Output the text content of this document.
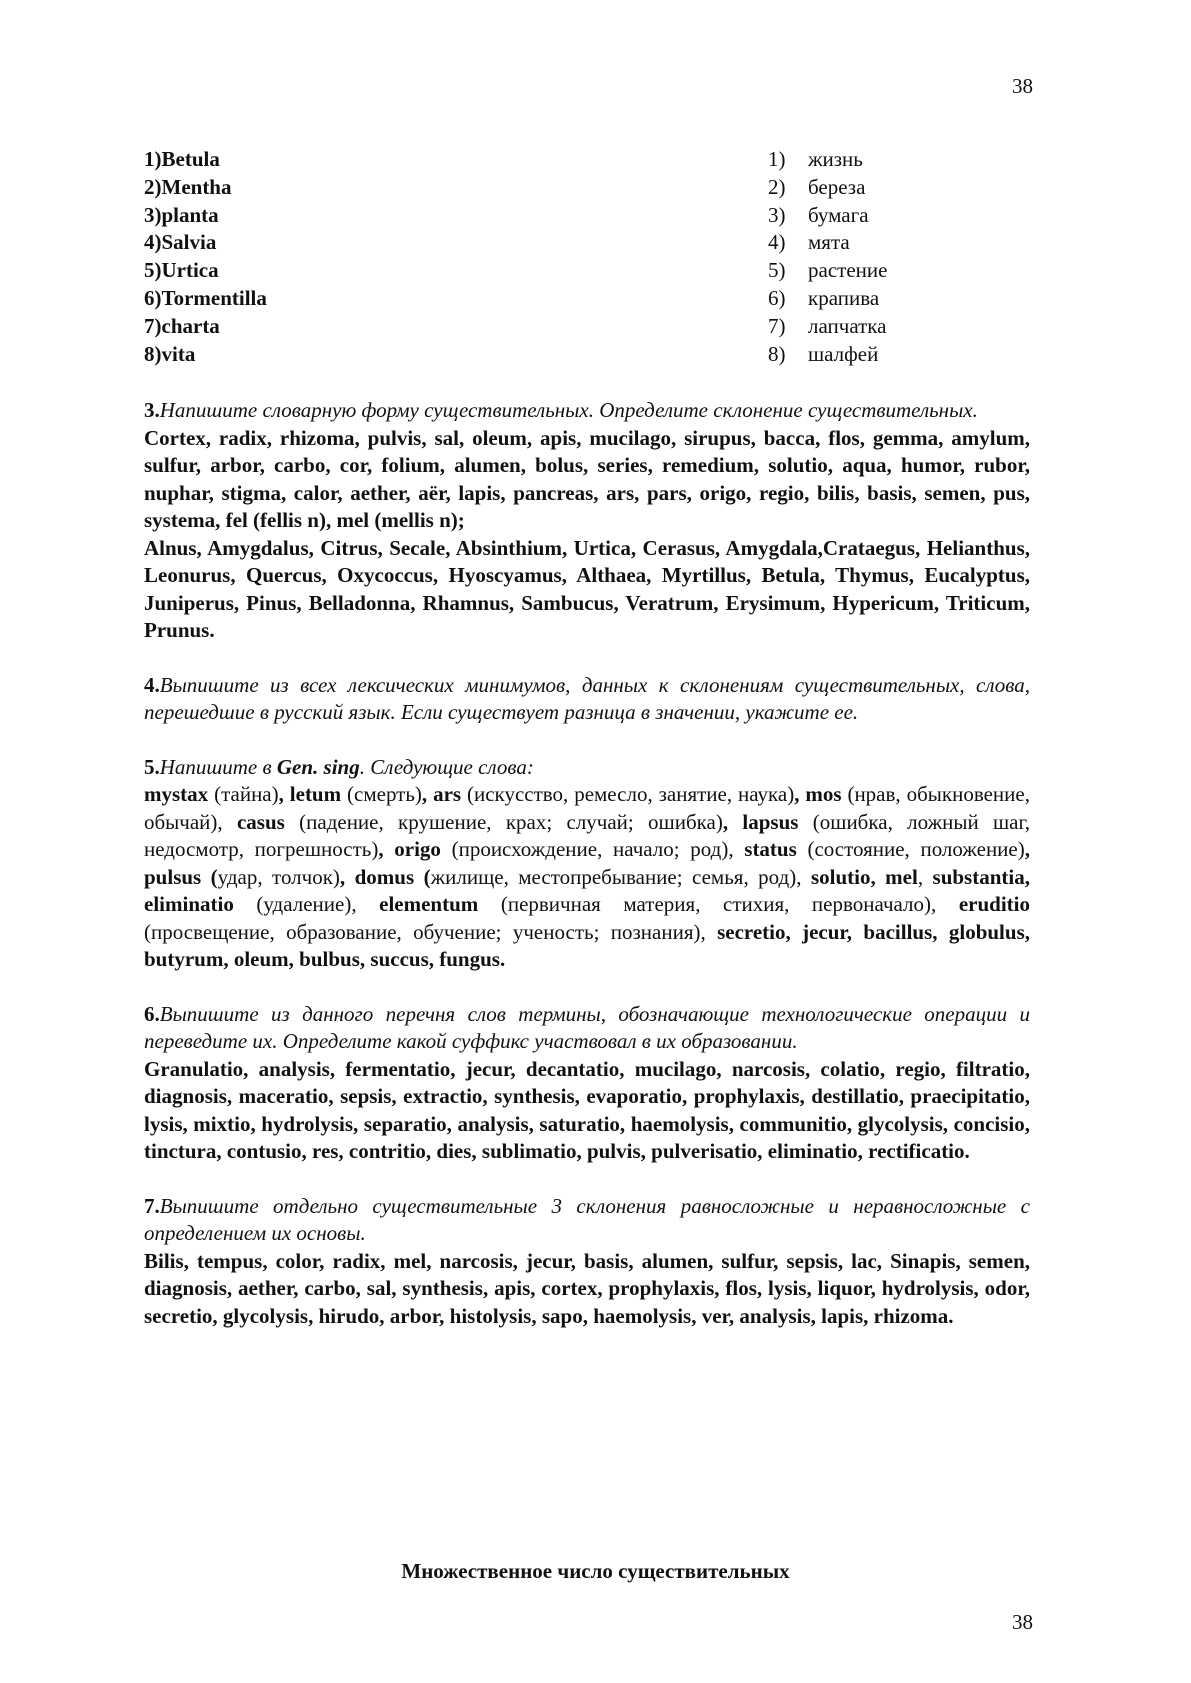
38
1)Betula
2)Mentha
3)planta
4)Salvia
5)Urtica
6)Tormentilla
7)charta
8)vita
1) жизнь
2) береза
3) бумага
4) мята
5) растение
6) крапива
7) лапчатка
8) шалфей
3.Напишите словарную форму существительных. Определите склонение существительных.
Cortex, radix, rhizoma, pulvis, sal, oleum, apis, mucilago, sirupus, bacca, flos, gemma, amylum, sulfur, arbor, carbo, cor, folium, alumen, bolus, series, remedium, solutio, aqua, humor, rubor, nuphar, stigma, calor, aether, aёr, lapis, pancreas, ars, pars, origo, regio, bilis, basis, semen, pus, systema, fel (fellis n), mel (mellis n);
Alnus, Amygdalus, Citrus, Secale, Absinthium, Urtica, Cerasus, Amygdala,Crataegus, Helianthus, Leonurus, Quercus, Oxycoccus, Hyoscyamus, Althaea, Myrtillus, Betula, Thymus, Eucalyptus, Juniperus, Pinus, Belladonna, Rhamnus, Sambucus, Veratrum, Erysimum, Hypericum, Triticum, Prunus.
4.Выпишите из всех лексических минимумов, данных к склонениям существительных, слова, перешедшие в русский язык. Если существует разница в значении, укажите ее.
5.Напишите в Gen. sing. Следующие слова:
mystax (тайна), letum (смерть), ars (искусство, ремесло, занятие, наука), mos (нрав, обыкновение, обычай), casus (падение, крушение, крах; случай; ошибка), lapsus (ошибка, ложный шаг, недосмотр, погрешность), origo (происхождение, начало; род), status (состояние, положение), pulsus (удар, толчок), domus (жилище, местопребывание; семья, род), solutio, mel, substantia, eliminatio (удаление), elementum (первичная материя, стихия, первоначало), eruditio (просвещение, образование, обучение; ученость; познания), secretio, jecur, bacillus, globulus, butyrum, oleum, bulbus, succus, fungus.
6.Выпишите из данного перечня слов термины, обозначающие технологические операции и переведите их. Определите какой суффикс участвовал в их образовании.
Granulatio, analysis, fermentatio, jecur, decantatio, mucilago, narcosis, colatio, regio, filtratio, diagnosis, maceratio, sepsis, extractio, synthesis, evaporatio, prophylaxis, destillatio, praecipitatio, lysis, mixtio, hydrolysis, separatio, analysis, saturatio, haemolysis, communitio, glycolysis, concisio, tinctura, contusio, res, contritio, dies, sublimatio, pulvis, pulverisatio, eliminatio, rectificatio.
7.Выпишите отдельно существительные 3 склонения равносложные и неравносложные с определением их основы.
Bilis, tempus, color, radix, mel, narcosis, jecur, basis, alumen, sulfur, sepsis, lac, Sinapis, semen, diagnosis, aether, carbo, sal, synthesis, apis, cortex, prophylaxis, flos, lysis, liquor, hydrolysis, odor, secretio, glycolysis, hirudo, arbor, histolysis, sapo, haemolysis, ver, analysis, lapis, rhizoma.
Множественное число существительных
38
